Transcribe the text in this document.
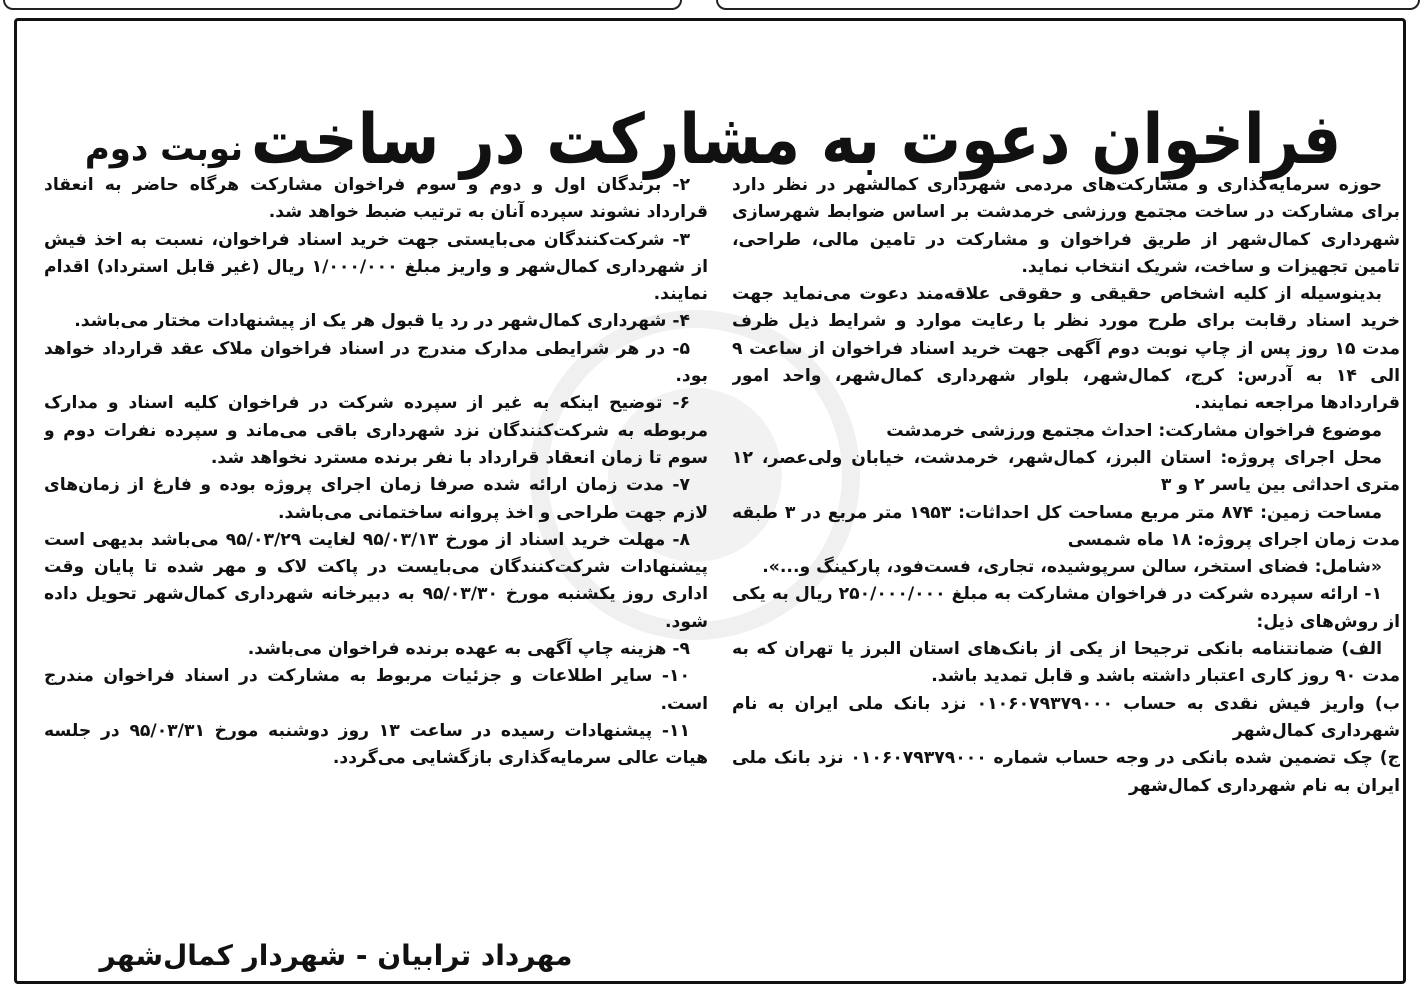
فراخوان دعوت به مشارکت در ساخت
نوبت دوم

حوزه سرمایه‌گذاری و مشارکت‌های مردمی شهرداری کمالشهر در نظر دارد برای مشارکت در ساخت مجتمع ورزشی خرمدشت بر اساس ضوابط شهرسازی شهرداری کمال‌شهر از طریق فراخوان و مشارکت در تامین مالی، طراحی، تامین تجهیزات و ساخت، شریک انتخاب نماید.

بدینوسیله از کلیه اشخاص حقیقی و حقوقی علاقه‌مند دعوت می‌نماید جهت خرید اسناد رقابت برای طرح مورد نظر با رعایت موارد و شرایط ذیل ظرف مدت ۱۵ روز پس از چاپ نوبت دوم آگهی جهت خرید اسناد فراخوان از ساعت ۹ الی ۱۴ به آدرس: کرج، کمال‌شهر، بلوار شهرداری کمال‌شهر، واحد امور قراردادها مراجعه نمایند.

موضوع فراخوان مشارکت: احداث مجتمع ورزشی خرمدشت

محل اجرای پروژه: استان البرز، کمال‌شهر، خرمدشت، خیابان ولی‌عصر، ۱۲ متری احداثی بین یاسر ۲ و ۳

مساحت زمین: ۸۷۴ متر مربع مساحت کل احداثات: ۱۹۵۳ متر مربع در ۳ طبقه مدت زمان اجرای پروژه: ۱۸ ماه شمسی

«شامل: فضای استخر، سالن سرپوشیده، تجاری، فست‌فود، پارکینگ و...».

۱- ارائه سپرده شرکت در فراخوان مشارکت به مبلغ ۲۵۰/۰۰۰/۰۰۰ ریال به یکی از روش‌های ذیل:

الف) ضمانتنامه بانکی ترجیحا از یکی از بانک‌های استان البرز یا تهران که به مدت ۹۰ روز کاری اعتبار داشته باشد و قابل تمدید باشد.

ب) واریز فیش نقدی به حساب ۰۱۰۶۰۷۹۳۷۹۰۰۰ نزد بانک ملی ایران به نام شهرداری کمال‌شهر

ج) چک تضمین شده بانکی در وجه حساب شماره ۰۱۰۶۰۷۹۳۷۹۰۰۰ نزد بانک ملی ایران به نام شهرداری کمال‌شهر

۲- برندگان اول و دوم و سوم فراخوان مشارکت هرگاه حاضر به انعقاد قرارداد نشوند سپرده آنان به ترتیب ضبط خواهد شد.

۳- شرکت‌کنندگان می‌بایستی جهت خرید اسناد فراخوان، نسبت به اخذ فیش از شهرداری کمال‌شهر و واریز مبلغ ۱/۰۰۰/۰۰۰ ریال (غیر قابل استرداد) اقدام نمایند.

۴- شهرداری کمال‌شهر در رد یا قبول هر یک از پیشنهادات مختار می‌باشد.

۵- در هر شرایطی مدارک مندرج در اسناد فراخوان ملاک عقد قرارداد خواهد بود.

۶- توضیح اینکه به غیر از سپرده شرکت در فراخوان کلیه اسناد و مدارک مربوطه به شرکت‌کنندگان نزد شهرداری باقی می‌ماند و سپرده نفرات دوم و سوم تا زمان انعقاد قرارداد با نفر برنده مسترد نخواهد شد.

۷- مدت زمان ارائه شده صرفا زمان اجرای پروژه بوده و فارغ از زمان‌های لازم جهت طراحی و اخذ پروانه ساختمانی می‌باشد.

۸- مهلت خرید اسناد از مورخ ۹۵/۰۳/۱۳ لغایت ۹۵/۰۳/۲۹ می‌باشد بدیهی است پیشنهادات شرکت‌کنندگان می‌بایست در پاکت لاک و مهر شده تا پایان وقت اداری روز یکشنبه مورخ ۹۵/۰۳/۳۰ به دبیرخانه شهرداری کمال‌شهر تحویل داده شود.

۹- هزینه چاپ آگهی به عهده برنده فراخوان می‌باشد.

۱۰- سایر اطلاعات و جزئیات مربوط به مشارکت در اسناد فراخوان مندرج است.

۱۱- پیشنهادات رسیده در ساعت ۱۳ روز دوشنبه مورخ ۹۵/۰۳/۳۱ در جلسه هیات عالی سرمایه‌گذاری بازگشایی می‌گردد.

مهرداد ترابیان - شهردار کمال‌شهر
